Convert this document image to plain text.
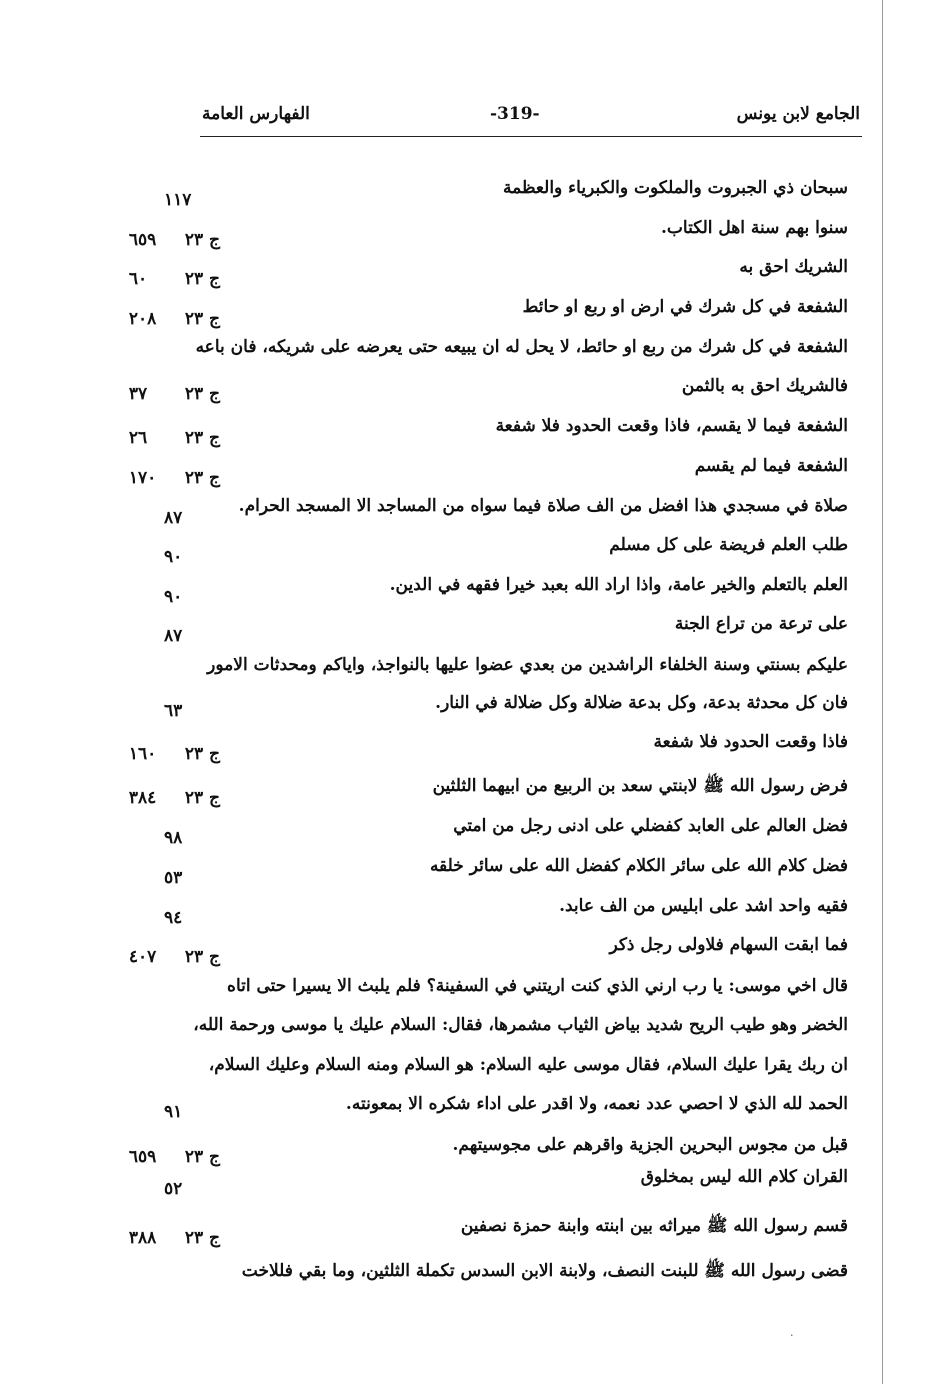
الجامع لابن يونس
-319-
الفهارس العامة
سبحان ذي الجبروت والملكوت والكبرياء والعظمة
١١٧
سنوا بهم سنة اهل الكتاب.
ج ٢٣٦٥٩
الشريك احق به
ج ٢٣٦٠
الشفعة في كل شرك في ارض او ربع او حائط
ج ٢٣٢٠٨
الشفعة في كل شرك من ربع او حائط، لا يحل له ان يبيعه حتى يعرضه على شريكه، فان باعه
فالشريك احق به بالثمن
ج ٢٣٣٧
الشفعة فيما لا يقسم، فاذا وقعت الحدود فلا شفعة
ج ٢٣٢٦
الشفعة فيما لم يقسم
ج ٢٣١٧٠
صلاة في مسجدي هذا افضل من الف صلاة فيما سواه من المساجد الا المسجد الحرام.
٨٧
طلب العلم فريضة على كل مسلم
٩٠
العلم بالتعلم والخير عامة، واذا اراد الله بعبد خيرا فقهه في الدين.
٩٠
على ترعة من تراع الجنة
٨٧
عليكم بسنتي وسنة الخلفاء الراشدين من بعدي عضوا عليها بالنواجذ، واياكم ومحدثات الامور
فان كل محدثة بدعة، وكل بدعة ضلالة وكل ضلالة في النار.
٦٣
فاذا وقعت الحدود فلا شفعة
ج ٢٣١٦٠
فرض رسول الله ﷺ لابنتي سعد بن الربيع من ابيهما الثلثين
ج ٢٣٣٨٤
فضل العالم على العابد كفضلي على ادنى رجل من امتي
٩٨
فضل كلام الله على سائر الكلام كفضل الله على سائر خلقه
٥٣
فقيه واحد اشد على ابليس من الف عابد.
٩٤
فما ابقت السهام فلاولى رجل ذكر
ج ٢٣٤٠٧
قال اخي موسى: يا رب ارني الذي كنت اريتني في السفينة؟ فلم يلبث الا يسيرا حتى اتاه
الخضر وهو طيب الريح شديد بياض الثياب مشمرها، فقال: السلام عليك يا موسى ورحمة الله،
ان ربك يقرا عليك السلام، فقال موسى عليه السلام: هو السلام ومنه السلام وعليك السلام،
الحمد لله الذي لا احصي عدد نعمه، ولا اقدر على اداء شكره الا بمعونته.
٩١
قبل من مجوس البحرين الجزية واقرهم على مجوسيتهم.
ج ٢٣٦٥٩
القران كلام الله ليس بمخلوق
٥٢
قسم رسول الله ﷺ ميراثه بين ابنته وابنة حمزة نصفين
ج ٢٣٣٨٨
قضى رسول الله ﷺ للبنت النصف، ولابنة الابن السدس تكملة الثلثين، وما بقي فللاخت
.
